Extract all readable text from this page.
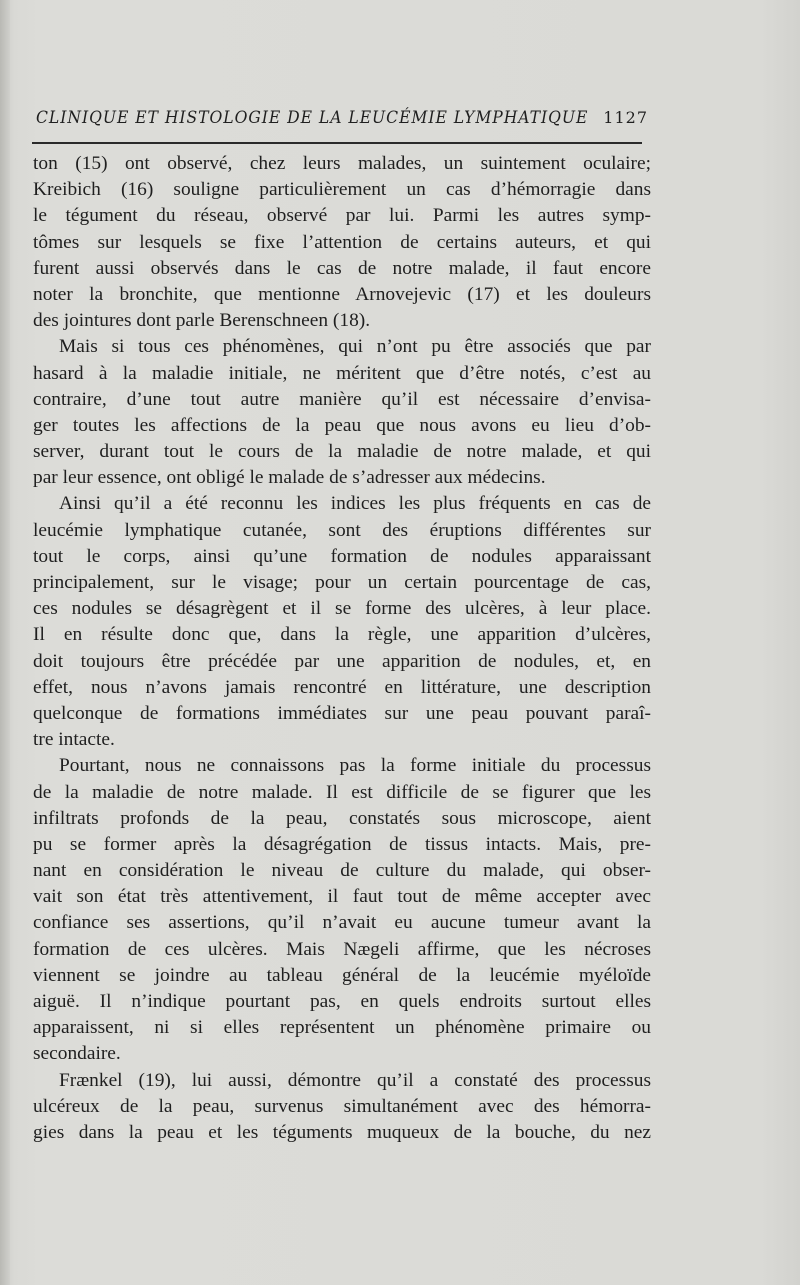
CLINIQUE ET HISTOLOGIE DE LA LEUCÉMIE LYMPHATIQUE 1127
ton (15) ont observé, chez leurs malades, un suintement oculaire;
Kreibich (16) souligne particulièrement un cas d’hémorragie dans
le tégument du réseau, observé par lui. Parmi les autres symp-
tômes sur lesquels se fixe l’attention de certains auteurs, et qui
furent aussi observés dans le cas de notre malade, il faut encore
noter la bronchite, que mentionne Arnovejevic (17) et les douleurs
des jointures dont parle Berenschneen (18).
Mais si tous ces phénomènes, qui n’ont pu être associés que par
hasard à la maladie initiale, ne méritent que d’être notés, c’est au
contraire, d’une tout autre manière qu’il est nécessaire d’envisa-
ger toutes les affections de la peau que nous avons eu lieu d’ob-
server, durant tout le cours de la maladie de notre malade, et qui
par leur essence, ont obligé le malade de s’adresser aux médecins.
Ainsi qu’il a été reconnu les indices les plus fréquents en cas de
leucémie lymphatique cutanée, sont des éruptions différentes sur
tout le corps, ainsi qu’une formation de nodules apparaissant
principalement, sur le visage; pour un certain pourcentage de cas,
ces nodules se désagrègent et il se forme des ulcères, à leur place.
Il en résulte donc que, dans la règle, une apparition d’ulcères,
doit toujours être précédée par une apparition de nodules, et, en
effet, nous n’avons jamais rencontré en littérature, une description
quelconque de formations immédiates sur une peau pouvant paraî-
tre intacte.
Pourtant, nous ne connaissons pas la forme initiale du processus
de la maladie de notre malade. Il est difficile de se figurer que les
infiltrats profonds de la peau, constatés sous microscope, aient
pu se former après la désagrégation de tissus intacts. Mais, pre-
nant en considération le niveau de culture du malade, qui obser-
vait son état très attentivement, il faut tout de même accepter avec
confiance ses assertions, qu’il n’avait eu aucune tumeur avant la
formation de ces ulcères. Mais Nægeli affirme, que les nécroses
viennent se joindre au tableau général de la leucémie myéloïde
aiguë. Il n’indique pourtant pas, en quels endroits surtout elles
apparaissent, ni si elles représentent un phénomène primaire ou
secondaire.
Frænkel (19), lui aussi, démontre qu’il a constaté des processus
ulcéreux de la peau, survenus simultanément avec des hémorra-
gies dans la peau et les téguments muqueux de la bouche, du nez
